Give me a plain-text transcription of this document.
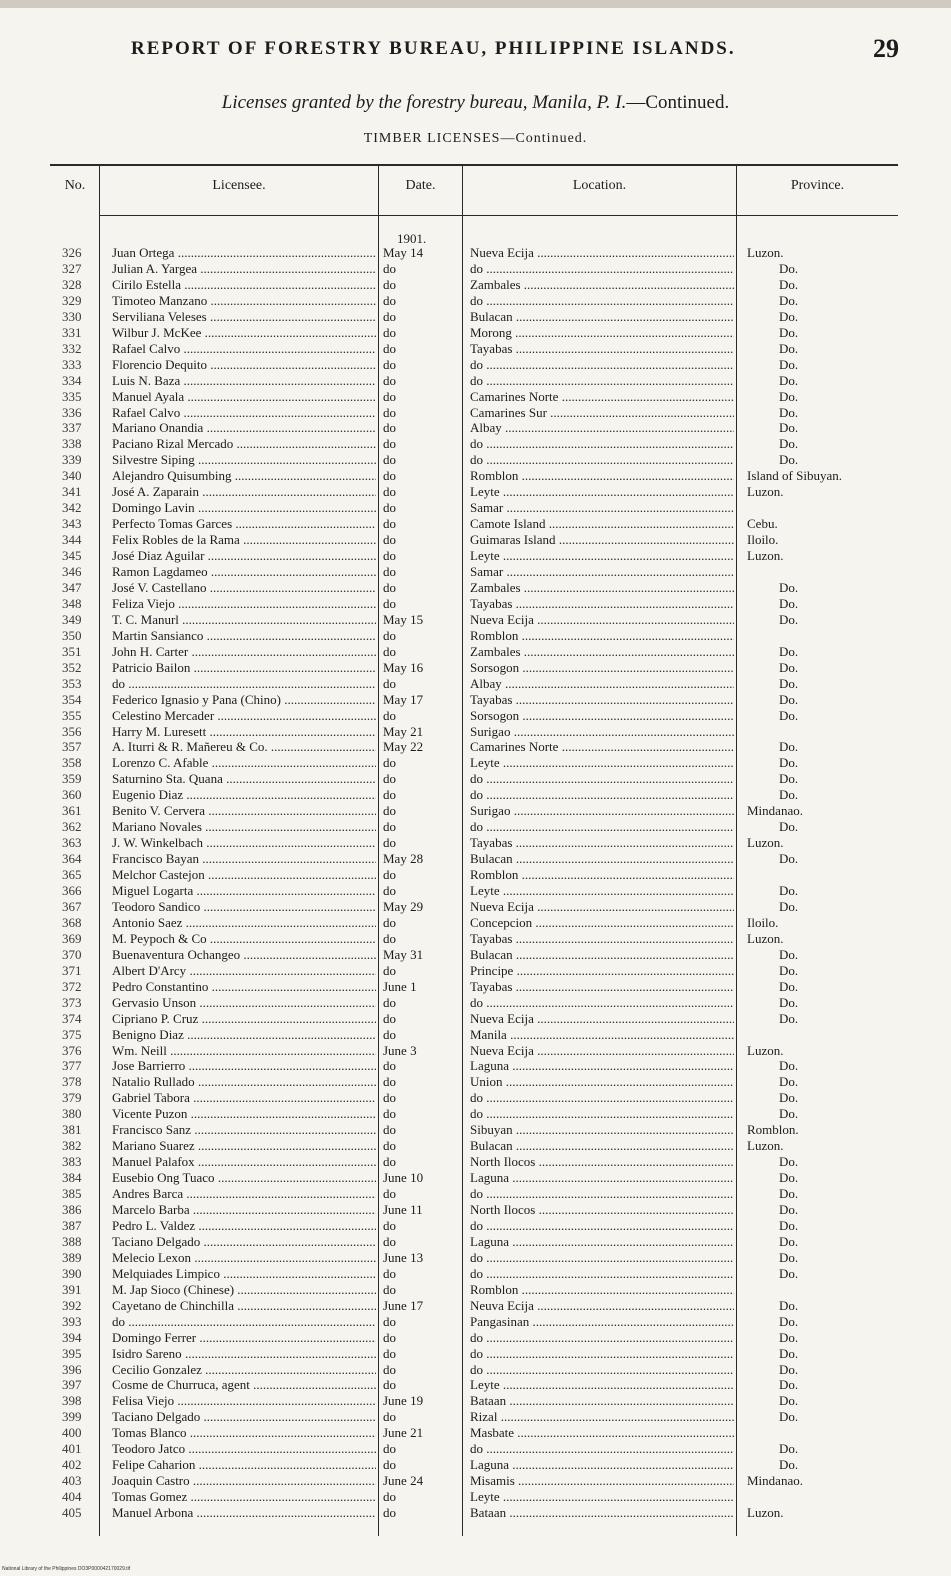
REPORT OF FORESTRY BUREAU, PHILIPPINE ISLANDS.	29
Licenses granted by the forestry bureau, Manila, P. I.—Continued.
TIMBER LICENSES—Continued.
No.	Licensee.	Date.	Location.	Province.
1901.
326	Juan Ortega .....	May 14	Nueva Ecija .....	Luzon.
327	Julian A. Yargea .....	do	do .....	Do.
328	Cirilo Estella .....	do	Zambales .....	Do.
329	Timoteo Manzano .....	do	do .....	Do.
330	Serviliana Veleses .....	do	Bulacan .....	Do.
331	Wilbur J. McKee .....	do	Morong .....	Do.
332	Rafael Calvo .....	do	Tayabas .....	Do.
333	Florencio Dequito .....	do	do .....	Do.
334	Luis N. Baza .....	do	do .....	Do.
335	Manuel Ayala .....	do	Camarines Norte .....	Do.
336	Rafael Calvo .....	do	Camarines Sur .....	Do.
337	Mariano Onandia .....	do	Albay .....	Do.
338	Paciano Rizal Mercado .....	do	do .....	Do.
339	Silvestre Siping .....	do	do .....	Do.
340	Alejandro Quisumbing .....	do	Romblon .....	Island of Sibuyan.
341	José A. Zaparain .....	do	Leyte .....	Luzon.
342	Domingo Lavin .....	do	Samar .....
343	Perfecto Tomas Garces .....	do	Camote Island .....	Cebu.
344	Felix Robles de la Rama .....	do	Guimaras Island .....	Iloilo.
345	José Diaz Aguilar .....	do	Leyte .....	Luzon.
346	Ramon Lagdameo .....	do	Samar .....
347	José V. Castellano .....	do	Zambales .....	Do.
348	Feliza Viejo .....	do	Tayabas .....	Do.
349	T. C. Manurl .....	May 15	Nueva Ecija .....	Do.
350	Martin Sansianco .....	do	Romblon .....
351	John H. Carter .....	do	Zambales .....	Do.
352	Patricio Bailon .....	May 16	Sorsogon .....	Do.
353	do .....	do	Albay .....	Do.
354	Federico Ignasio y Pana (Chino) .....	May 17	Tayabas .....	Do.
355	Celestino Mercader .....	do	Sorsogon .....	Do.
356	Harry M. Luresett .....	May 21	Surigao .....
357	A. Iturri & R. Mañereu & Co. .....	May 22	Camarines Norte .....	Do.
358	Lorenzo C. Afable .....	do	Leyte .....	Do.
359	Saturnino Sta. Quana .....	do	do .....	Do.
360	Eugenio Diaz .....	do	do .....	Do.
361	Benito V. Cervera .....	do	Surigao .....	Mindanao.
362	Mariano Novales .....	do	do .....	Do.
363	J. W. Winkelbach .....	do	Tayabas .....	Luzon.
364	Francisco Bayan .....	May 28	Bulacan .....	Do.
365	Melchor Castejon .....	do	Romblon .....
366	Miguel Logarta .....	do	Leyte .....	Do.
367	Teodoro Sandico .....	May 29	Nueva Ecija .....	Do.
368	Antonio Saez .....	do	Concepcion .....	Iloilo.
369	M. Peypoch & Co .....	do	Tayabas .....	Luzon.
370	Buenaventura Ochangeo .....	May 31	Bulacan .....	Do.
371	Albert D'Arcy .....	do	Principe .....	Do.
372	Pedro Constantino .....	June 1	Tayabas .....	Do.
373	Gervasio Unson .....	do	do .....	Do.
374	Cipriano P. Cruz .....	do	Nueva Ecija .....	Do.
375	Benigno Diaz .....	do	Manila .....
376	Wm. Neill .....	June 3	Nueva Ecija .....	Luzon.
377	Jose Barrierro .....	do	Laguna .....	Do.
378	Natalio Rullado .....	do	Union .....	Do.
379	Gabriel Tabora .....	do	do .....	Do.
380	Vicente Puzon .....	do	do .....	Do.
381	Francisco Sanz .....	do	Sibuyan .....	Romblon.
382	Mariano Suarez .....	do	Bulacan .....	Luzon.
383	Manuel Palafox .....	do	North Ilocos .....	Do.
384	Eusebio Ong Tuaco .....	June 10	Laguna .....	Do.
385	Andres Barca .....	do	do .....	Do.
386	Marcelo Barba .....	June 11	North Ilocos .....	Do.
387	Pedro L. Valdez .....	do	do .....	Do.
388	Taciano Delgado .....	do	Laguna .....	Do.
389	Melecio Lexon .....	June 13	do .....	Do.
390	Melquiades Limpico .....	do	do .....	Do.
391	M. Jap Sioco (Chinese) .....	do	Romblon .....
392	Cayetano de Chinchilla .....	June 17	Neuva Ecija .....	Do.
393	do .....	do	Pangasinan .....	Do.
394	Domingo Ferrer .....	do	do .....	Do.
395	Isidro Sareno .....	do	do .....	Do.
396	Cecilio Gonzalez .....	do	do .....	Do.
397	Cosme de Churruca, agent .....	do	Leyte .....	Do.
398	Felisa Viejo .....	June 19	Bataan .....	Do.
399	Taciano Delgado .....	do	Rizal .....	Do.
400	Tomas Blanco .....	June 21	Masbate .....
401	Teodoro Jatco .....	do	do .....	Do.
402	Felipe Caharion .....	do	Laguna .....	Do.
403	Joaquin Castro .....	June 24	Misamis .....	Mindanao.
404	Tomas Gomez .....	do	Leyte .....
405	Manuel Arbona .....	do	Bataan .....	Luzon.
National Library of the Philippines DO3P000042170029.tif
